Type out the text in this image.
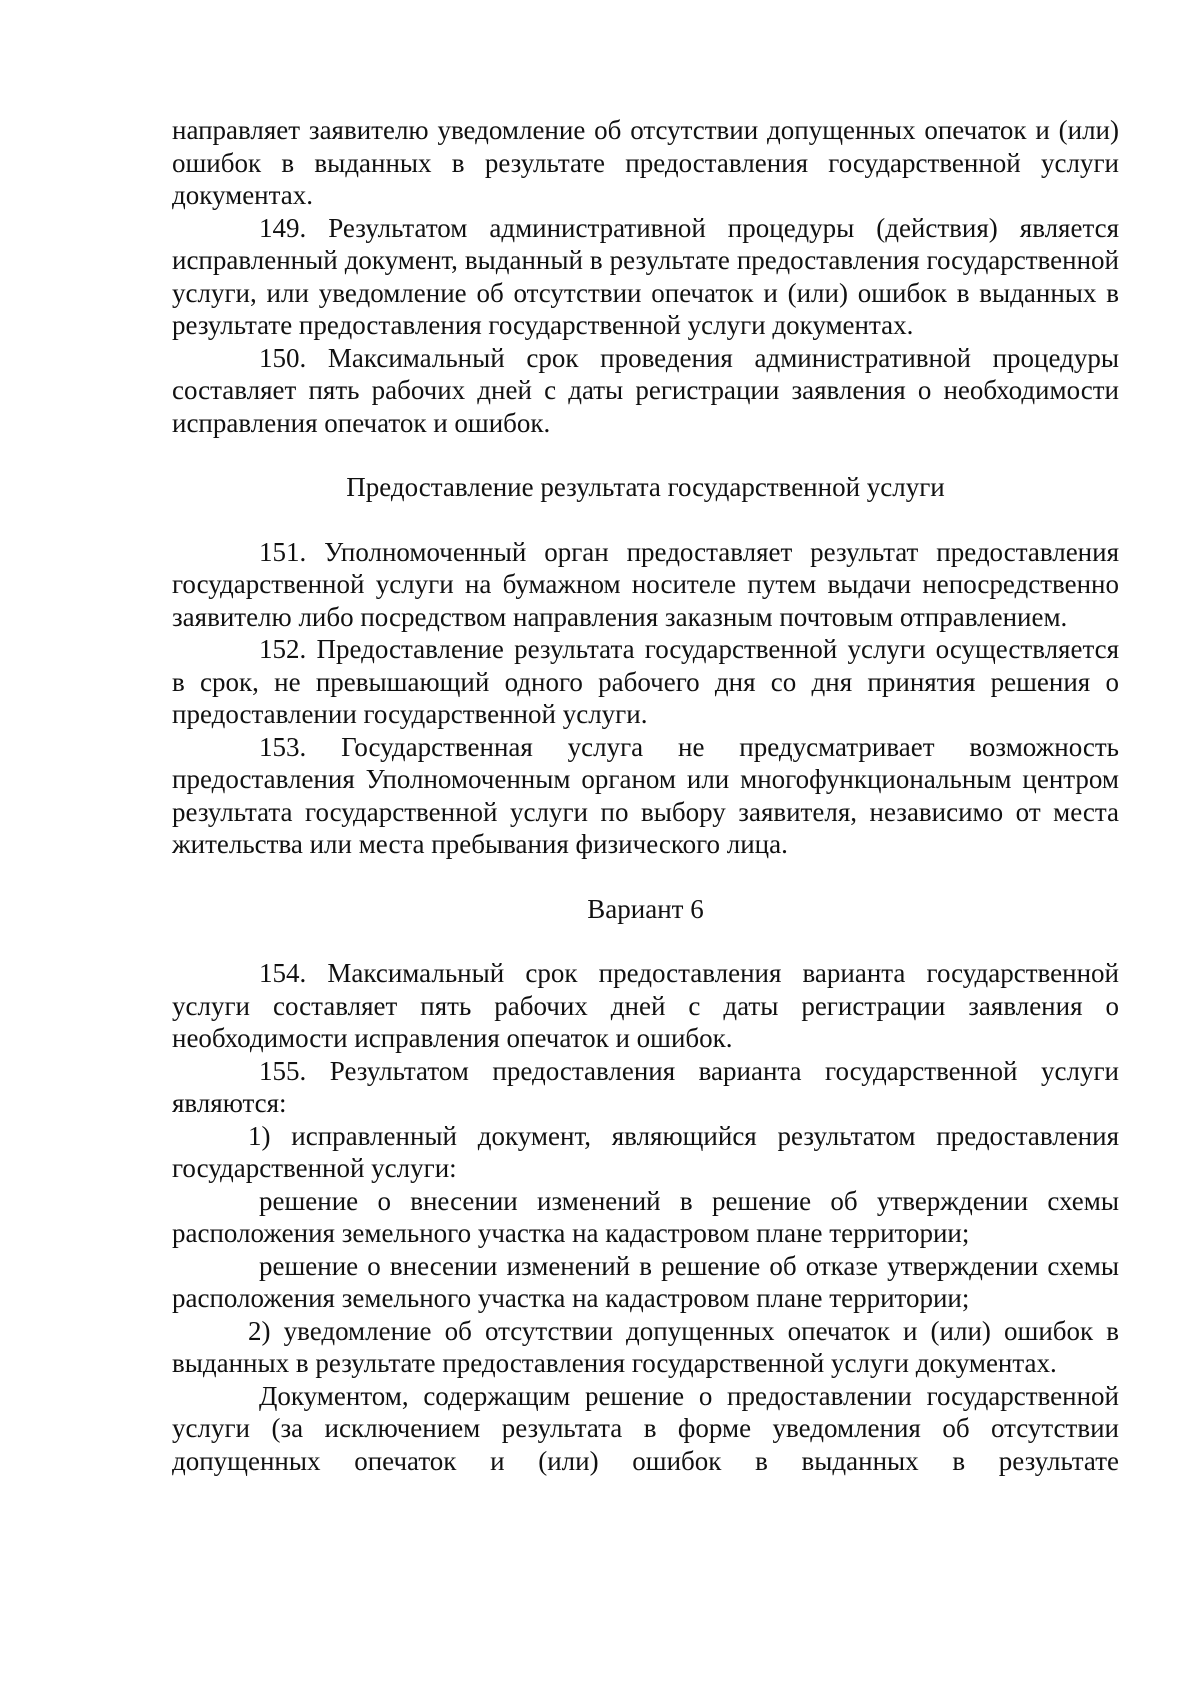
направляет заявителю уведомление об отсутствии допущенных опечаток и (или) ошибок в выданных в результате предоставления государственной услуги документах.

149. Результатом административной процедуры (действия) является исправленный документ, выданный в результате предоставления государственной услуги, или уведомление об отсутствии опечаток и (или) ошибок в выданных в результате предоставления государственной услуги документах.

150. Максимальный срок проведения административной процедуры составляет пять рабочих дней с даты регистрации заявления о необходимости исправления опечаток и ошибок.

Предоставление результата государственной услуги

151. Уполномоченный орган предоставляет результат предоставления государственной услуги на бумажном носителе путем выдачи непосредственно заявителю либо посредством направления заказным почтовым отправлением.

152. Предоставление результата государственной услуги осуществляется в срок, не превышающий одного рабочего дня со дня принятия решения о предоставлении государственной услуги.

153. Государственная услуга не предусматривает возможность предоставления Уполномоченным органом или многофункциональным центром результата государственной услуги по выбору заявителя, независимо от места жительства или места пребывания физического лица.

Вариант 6

154. Максимальный срок предоставления варианта государственной услуги составляет пять рабочих дней с даты регистрации заявления о необходимости исправления опечаток и ошибок.

155. Результатом предоставления варианта государственной услуги являются:

1) исправленный документ, являющийся результатом предоставления государственной услуги:

решение о внесении изменений в решение об утверждении схемы расположения земельного участка на кадастровом плане территории;

решение о внесении изменений в решение об отказе утверждении схемы расположения земельного участка на кадастровом плане территории;

2) уведомление об отсутствии допущенных опечаток и (или) ошибок в выданных в результате предоставления государственной услуги документах.

Документом, содержащим решение о предоставлении государственной услуги (за исключением результата в форме уведомления об отсутствии допущенных опечаток и (или) ошибок в выданных в результате
